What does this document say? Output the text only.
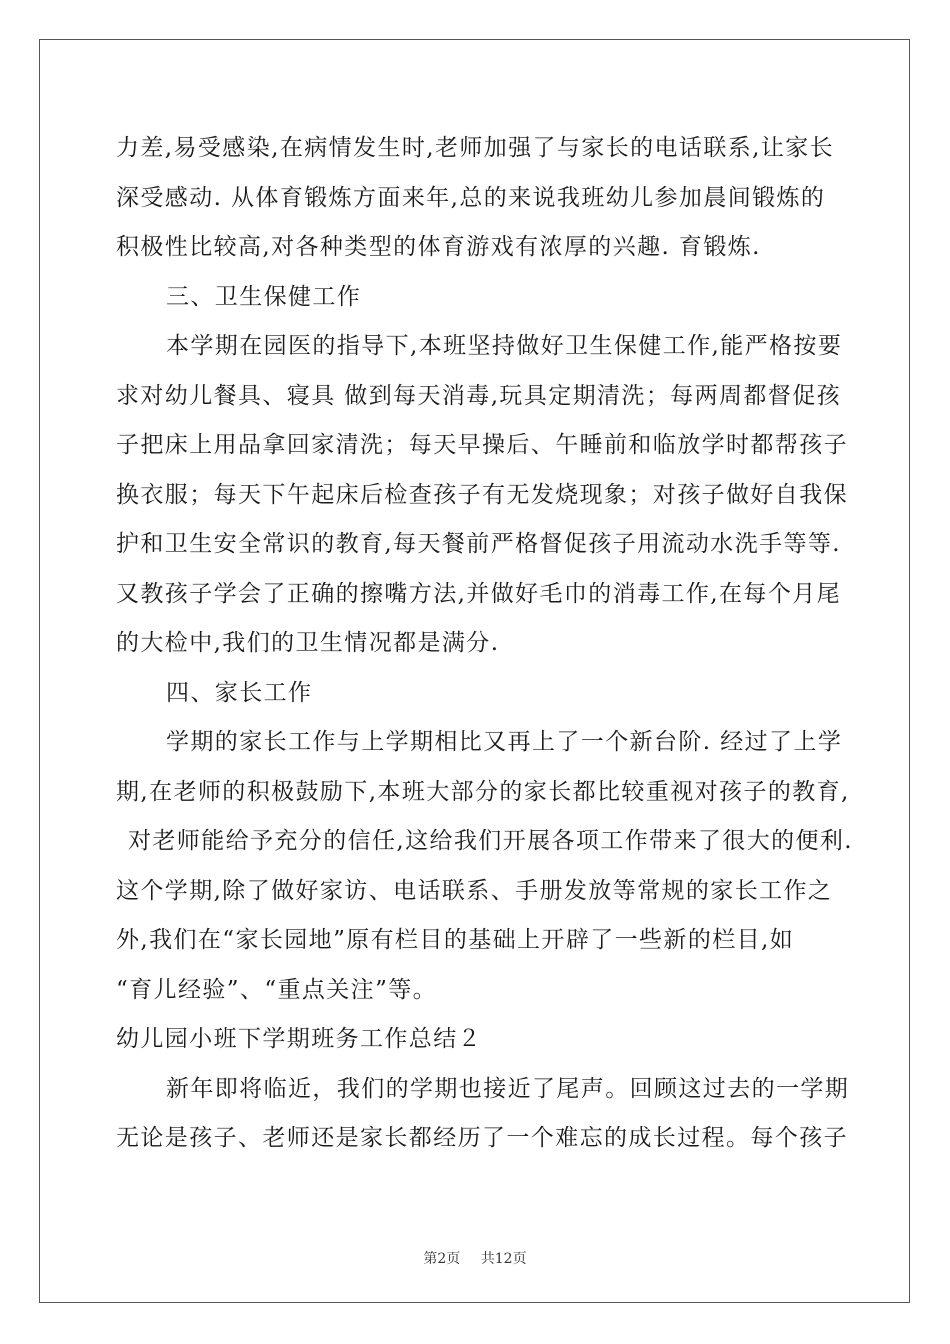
力差,易受感染,在病情发生时,老师加强了与家长的电话联系,让家长
深受感动. 从体育锻炼方面来年,总的来说我班幼儿参加晨间锻炼的
积极性比较高,对各种类型的体育游戏有浓厚的兴趣. 育锻炼.
三、卫生保健工作
本学期在园医的指导下,本班坚持做好卫生保健工作,能严格按要
求对幼儿餐具、寝具 做到每天消毒,玩具定期清洗；每两周都督促孩
子把床上用品拿回家清洗；每天早操后、午睡前和临放学时都帮孩子
换衣服；每天下午起床后检查孩子有无发烧现象；对孩子做好自我保
护和卫生安全常识的教育,每天餐前严格督促孩子用流动水洗手等等.
又教孩子学会了正确的擦嘴方法,并做好毛巾的消毒工作,在每个月尾
的大检中,我们的卫生情况都是满分.
四、家长工作
学期的家长工作与上学期相比又再上了一个新台阶. 经过了上学
期,在老师的积极鼓励下,本班大部分的家长都比较重视对孩子的教育,
对老师能给予充分的信任,这给我们开展各项工作带来了很大的便利.
这个学期,除了做好家访、电话联系、手册发放等常规的家长工作之
外,我们在“家长园地”原有栏目的基础上开辟了一些新的栏目,如
“育儿经验”、“重点关注”等。
幼儿园小班下学期班务工作总结２
新年即将临近，我们的学期也接近了尾声。回顾这过去的一学期
无论是孩子、老师还是家长都经历了一个难忘的成长过程。每个孩子
第2页 共12页
